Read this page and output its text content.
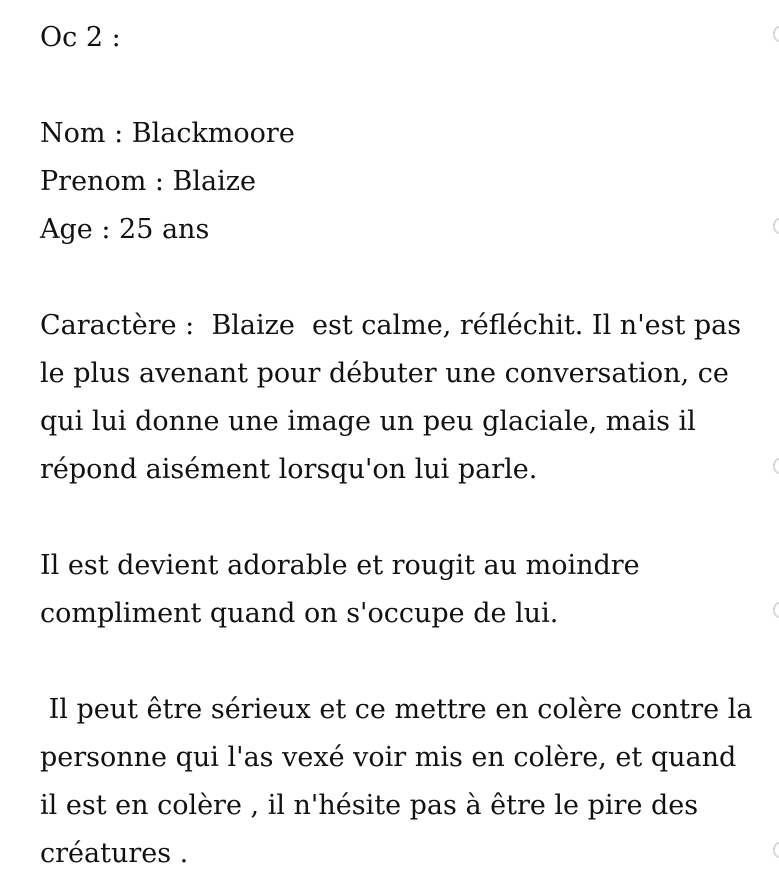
Oc 2 :
Nom : Blackmoore
Prenom : Blaize
Age : 25 ans
Caractère :  Blaize  est calme, réfléchit. Il n'est pas
le plus avenant pour débuter une conversation, ce
qui lui donne une image un peu glaciale, mais il
répond aisément lorsqu'on lui parle.
Il est devient adorable et rougit au moindre
compliment quand on s'occupe de lui.
Il peut être sérieux et ce mettre en colère contre la
personne qui l'as vexé voir mis en colère, et quand
il est en colère , il n'hésite pas à être le pire des
créatures .
